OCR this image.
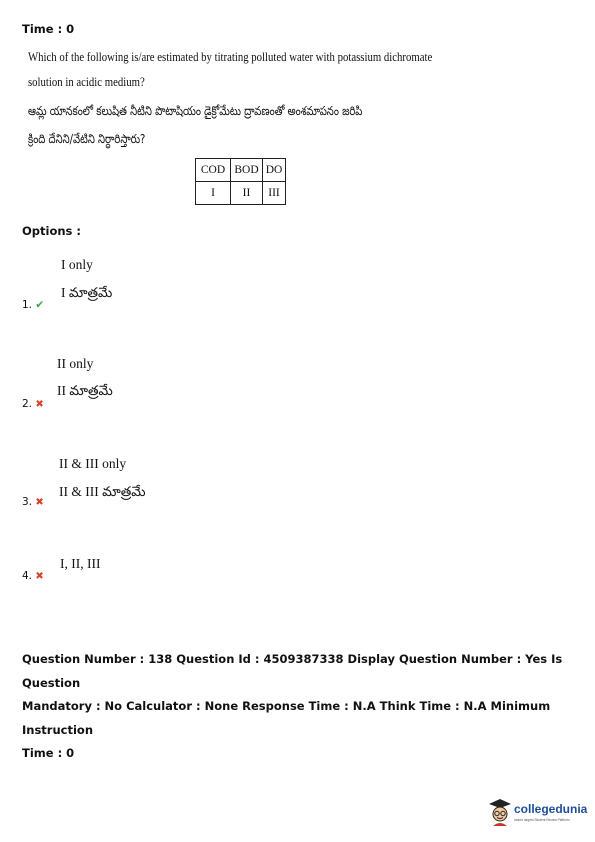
Time : 0
Which of the following is/are estimated by titrating polluted water with potassium dichromate
solution in acidic medium?
ఆమ్ల యానకంలో కలుషిత నీటిని పొటాషియం డైక్రోమేటు ద్రావణంతో అంశమాపనం జరిపి
క్రింది దేనిని/వేటిని నిర్ధారిస్తారు?
COD	BOD	DO
I	II	III
Options :
I only
I మాత్రమే
1. ✔
II only
II మాత్రమే
2. ✖
II & III only
II & III మాత్రమే
3. ✖
I, II, III
4. ✖
Question Number : 138 Question Id : 4509387338 Display Question Number : Yes Is Question
Mandatory : No Calculator : None Response Time : N.A Think Time : N.A Minimum Instruction
Time : 0
collegedunia
India's largest Student Review Platform
